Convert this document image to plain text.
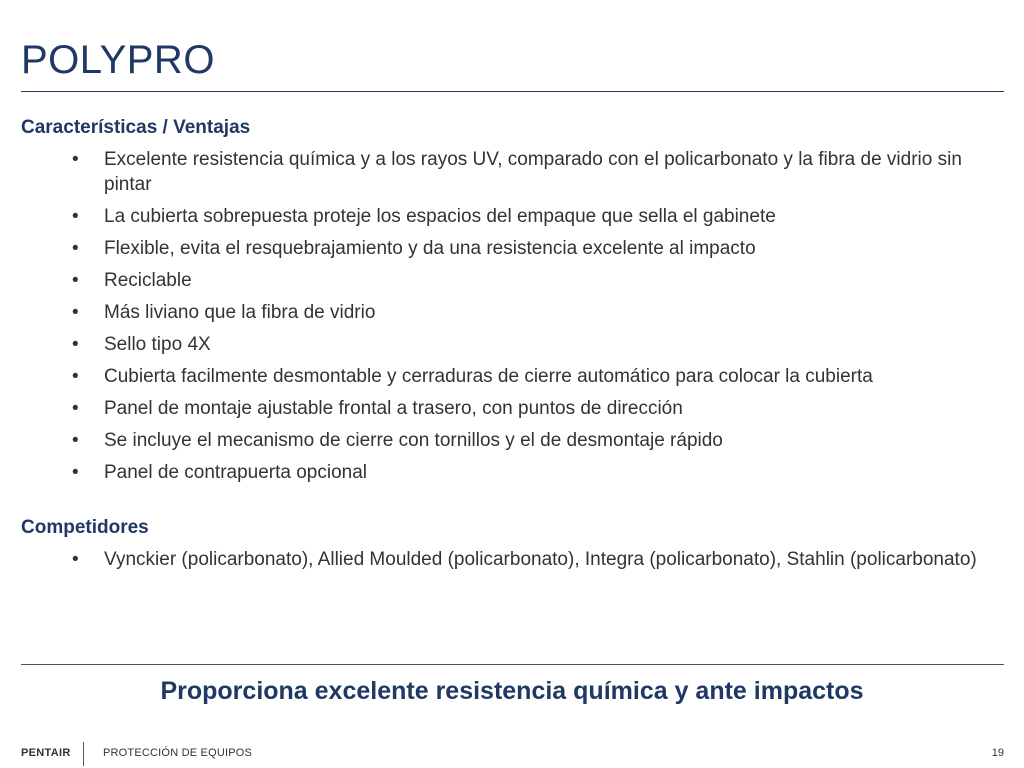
POLYPRO
Características / Ventajas
• Excelente resistencia química y a los rayos UV, comparado con el policarbonato y la fibra de vidrio sin pintar
• La cubierta sobrepuesta proteje los espacios del empaque que sella el gabinete
• Flexible, evita el resquebrajamiento y da una resistencia excelente al impacto
• Reciclable
• Más liviano que la fibra de vidrio
• Sello tipo 4X
• Cubierta facilmente desmontable y cerraduras de cierre automático para colocar la cubierta
• Panel de montaje ajustable frontal a trasero, con puntos de dirección
• Se incluye el mecanismo de cierre con tornillos y el de desmontaje rápido
• Panel de contrapuerta opcional
Competidores
• Vynckier (policarbonato), Allied Moulded (policarbonato), Integra (policarbonato), Stahlin (policarbonato)
Proporciona excelente resistencia química y ante impactos
PENTAIR	PROTECCIÓN DE EQUIPOS	19
